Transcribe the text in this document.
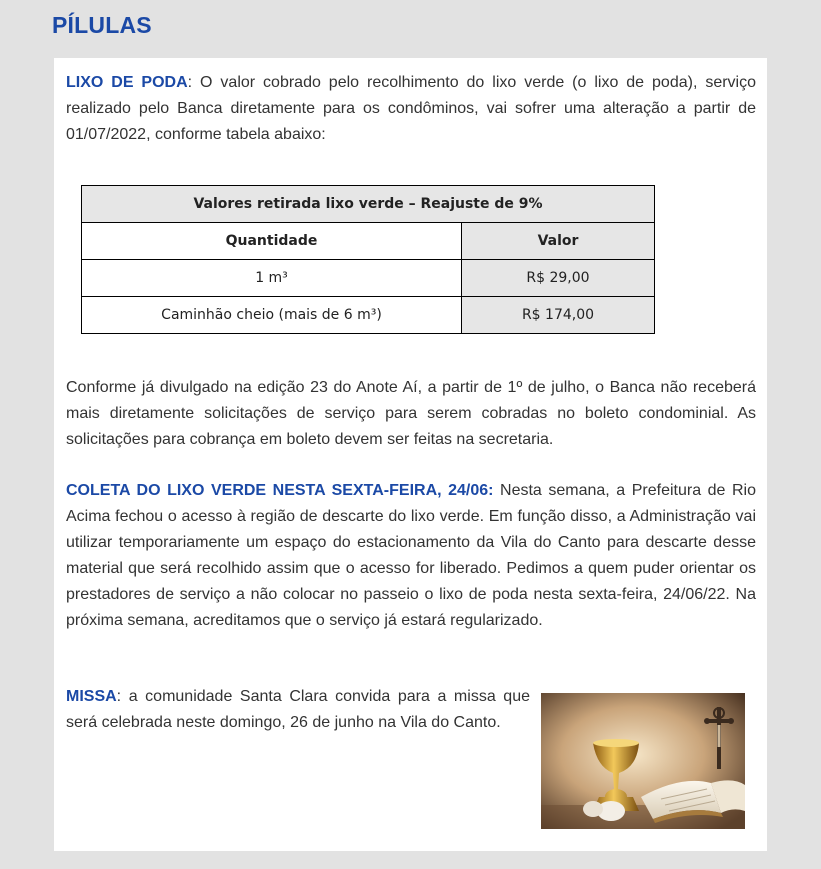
PÍLULAS

LIXO DE PODA: O valor cobrado pelo recolhimento do lixo verde (o lixo de poda), serviço realizado pelo Banca diretamente para os condôminos, vai sofrer uma alteração a partir de 01/07/2022, conforme tabela abaixo:

Valores retirada lixo verde – Reajuste de 9%	
Quantidade	Valor
1 m³	R$ 29,00
Caminhão cheio (mais de 6 m³)	R$ 174,00

Conforme já divulgado na edição 23 do Anote Aí, a partir de 1º de julho, o Banca não receberá mais diretamente solicitações de serviço para serem cobradas no boleto condominial. As solicitações para cobrança em boleto devem ser feitas na secretaria.

COLETA DO LIXO VERDE NESTA SEXTA-FEIRA, 24/06: Nesta semana, a Prefeitura de Rio Acima fechou o acesso à região de descarte do lixo verde. Em função disso, a Administração vai utilizar temporariamente um espaço do estacionamento da Vila do Canto para descarte desse material que será recolhido assim que o acesso for liberado. Pedimos a quem puder orientar os prestadores de serviço a não colocar no passeio o lixo de poda nesta sexta-feira, 24/06/22. Na próxima semana, acreditamos que o serviço já estará regularizado.

MISSA: a comunidade Santa Clara convida para a missa que será celebrada neste domingo, 26 de junho na Vila do Canto.
